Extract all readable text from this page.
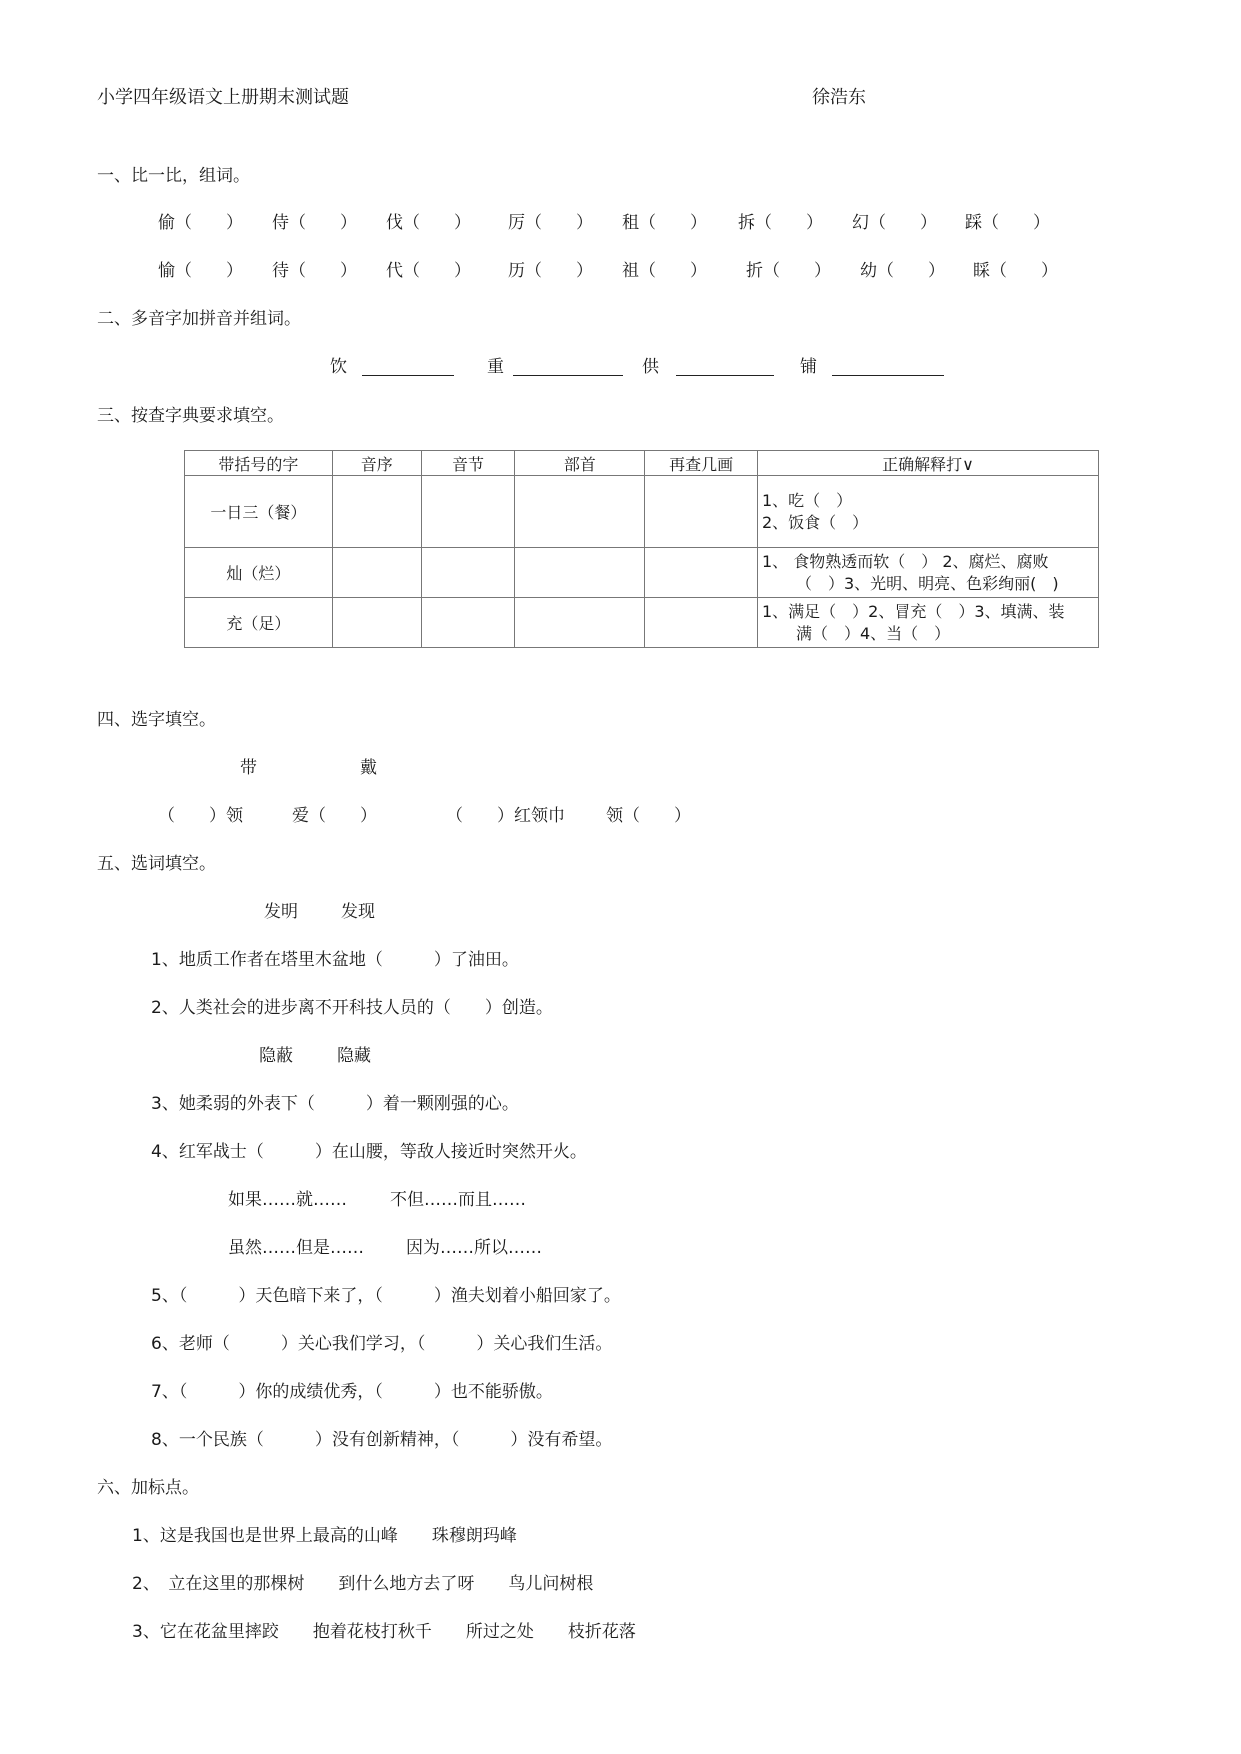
小学四年级语文上册期末测试题	徐浩东
一、比一比，组词。
偷（　　） 侍（　　） 伐（　　） 厉（　　） 租（　　） 拆（　　） 幻（　　） 踩（　　）
愉（　　） 待（　　） 代（　　） 历（　　） 祖（　　） 折（　　） 幼（　　） 睬（　　）
二、多音字加拼音并组词。
饮	重	供	铺
三、按查字典要求填空。
带括号的字	音序	音节	部首	再查几画	正确解释打∨
一日三（餐）					1、吃（　）
2、饭食（　）

灿（烂）					1、 食物熟透而软（　） 2、腐烂、腐败
（　）3、光明、明亮、色彩绚丽(　)

充（足）					1、满足（　）2、冒充（　）3、填满、装
满（　）4、当（　）
四、选字填空。
带	戴
（　　）领	爱（　　）	（　　）红领巾 领（　　）
五、选词填空。
发明	发现
1、地质工作者在塔里木盆地（　　　）了油田。
2、人类社会的进步离不开科技人员的（　　）创造。
隐蔽	隐藏
3、她柔弱的外表下（　　　）着一颗刚强的心。
4、红军战士（　　　）在山腰，等敌人接近时突然开火。
如果……就……	不但……而且……
虽然……但是…… 因为……所以……
5、（　　　）天色暗下来了，（　　　）渔夫划着小船回家了。
6、老师（　　　）关心我们学习，（　　　）关心我们生活。
7、（　　　）你的成绩优秀，（　　　）也不能骄傲。
8、一个民族（　　　）没有创新精神，（　　　）没有希望。
六、加标点。
1、这是我国也是世界上最高的山峰　　珠穆朗玛峰
2、　立在这里的那棵树　　到什么地方去了呀　　鸟儿问树根
3、它在花盆里摔跤　　抱着花枝打秋千　　所过之处　　枝折花落
